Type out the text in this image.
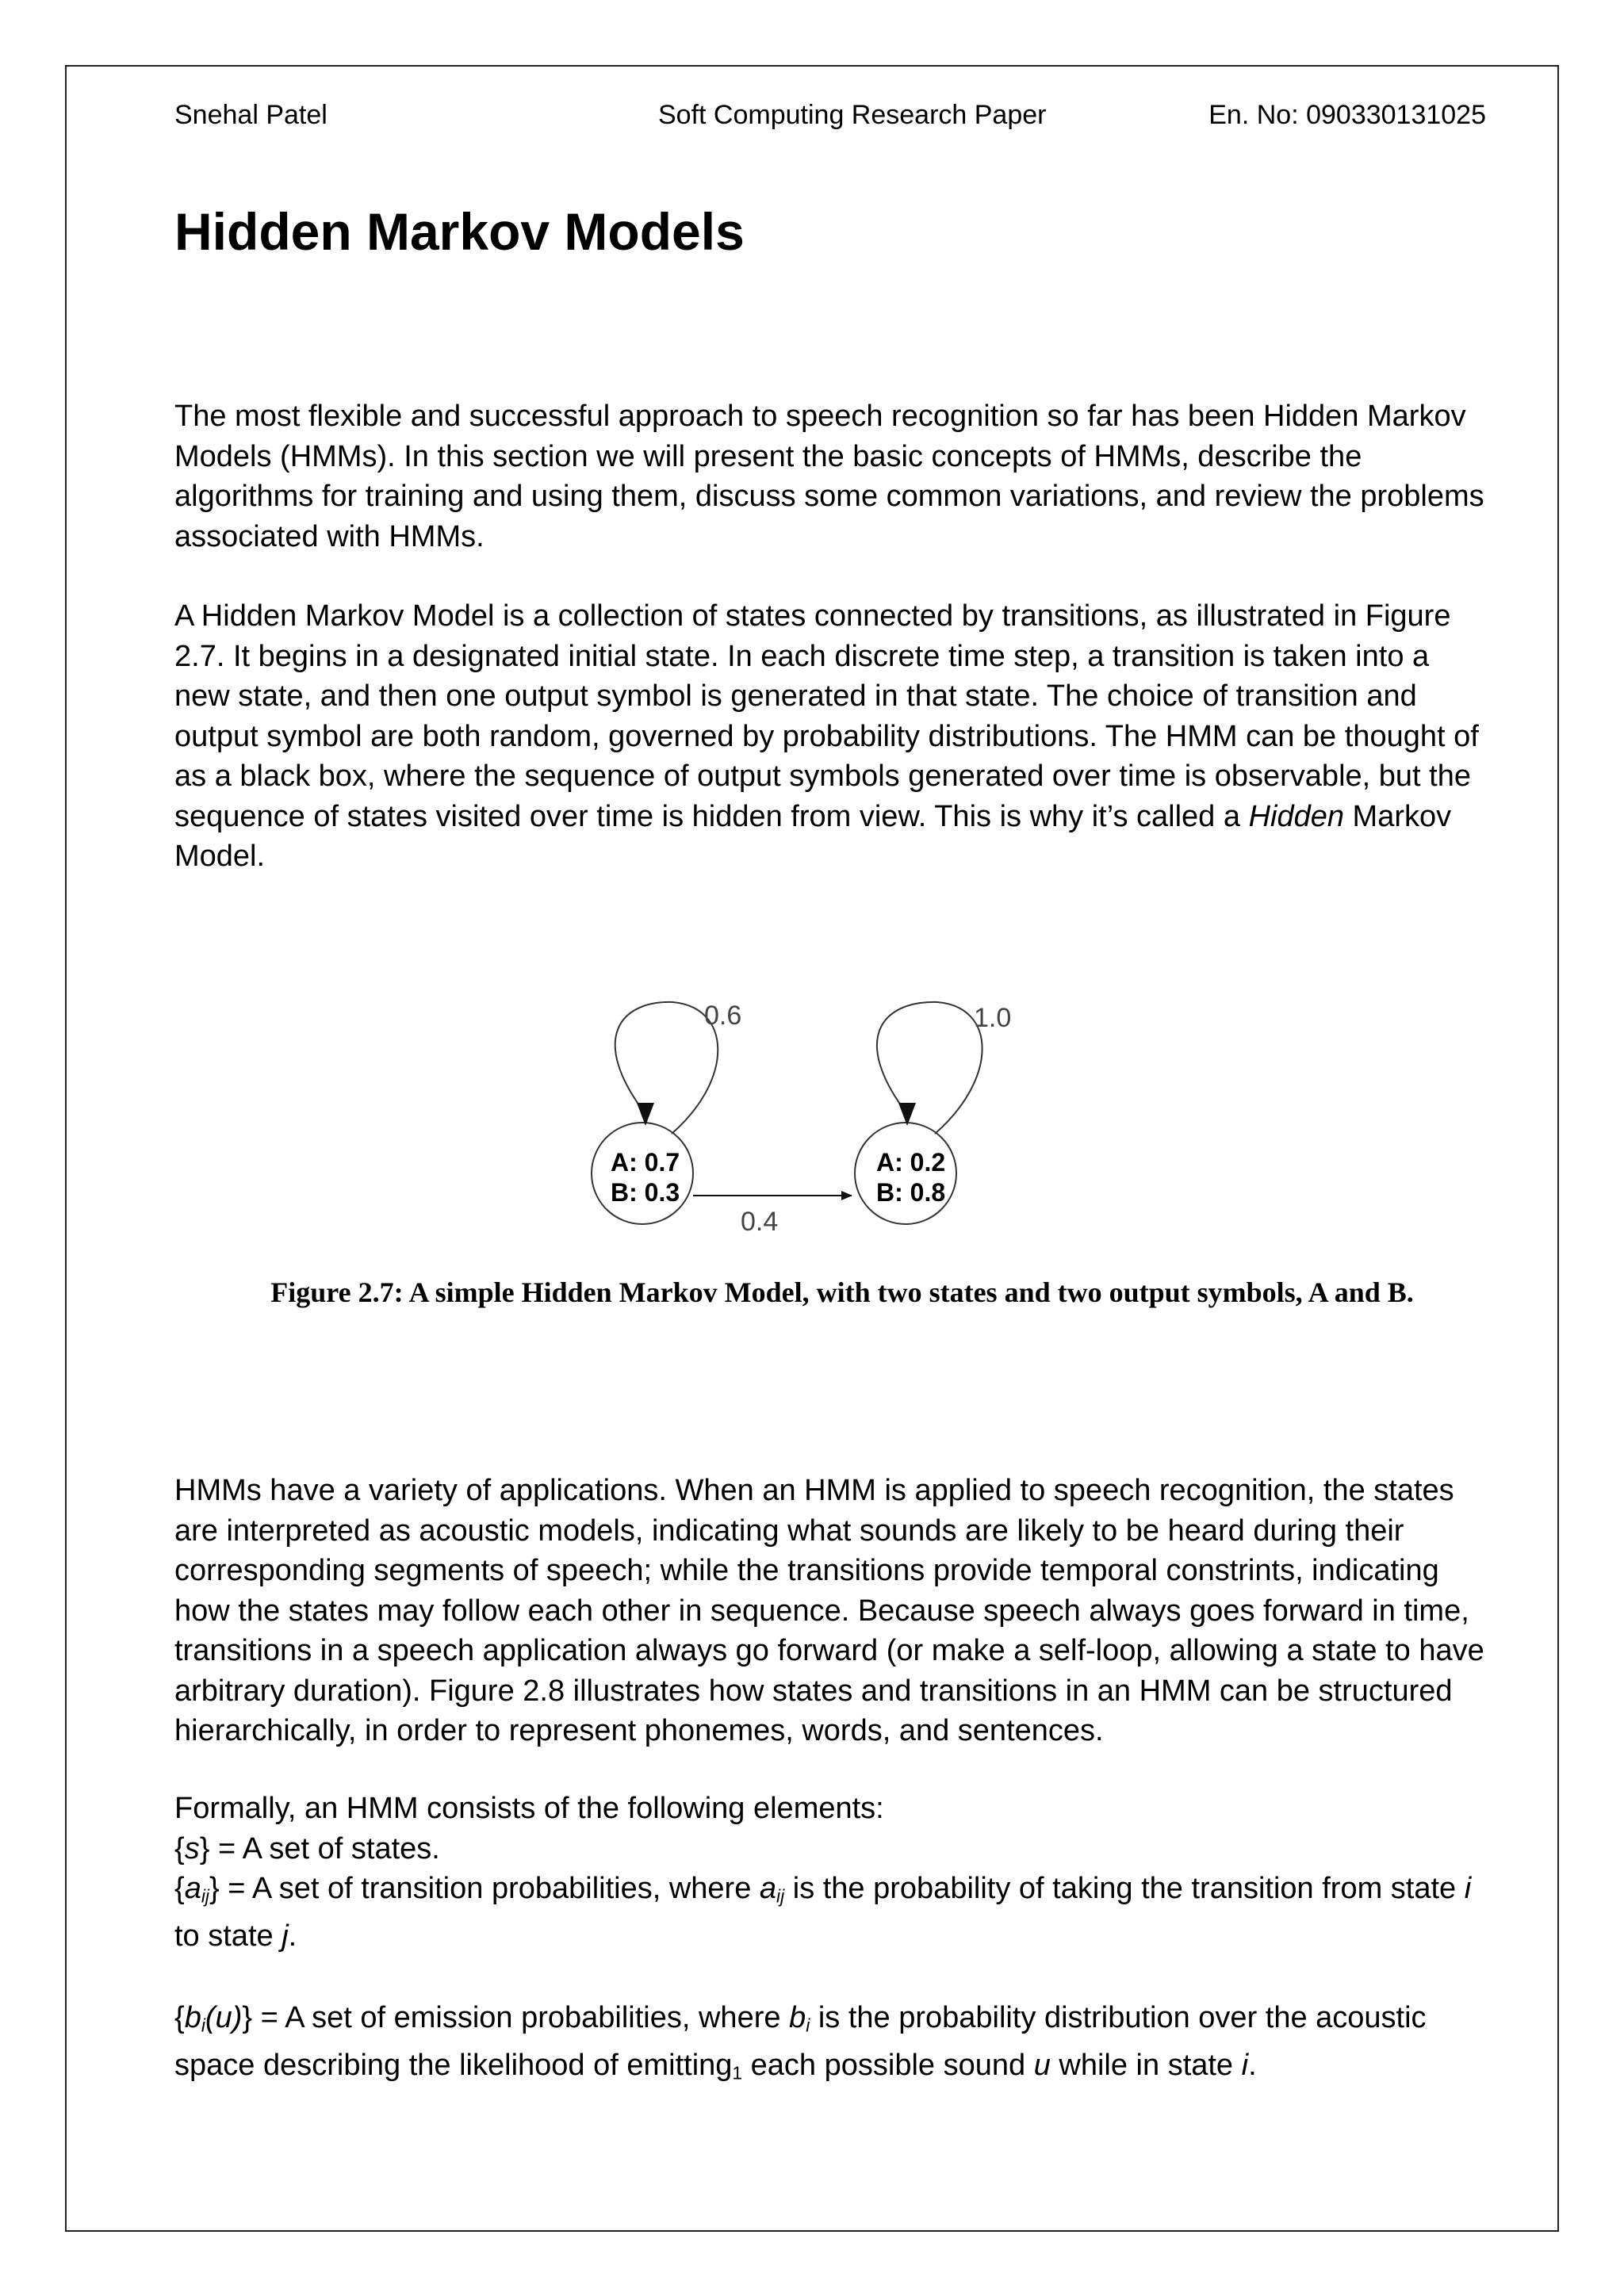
Snehal Patel	Soft Computing Research Paper	En. No: 090330131025
Hidden Markov Models

The most flexible and successful approach to speech recognition so far has been Hidden Markov Models (HMMs). In this section we will present the basic concepts of HMMs, describe the algorithms for training and using them, discuss some common variations, and review the problems associated with HMMs.

A Hidden Markov Model is a collection of states connected by transitions, as illustrated in Figure 2.7. It begins in a designated initial state. In each discrete time step, a transition is taken into a new state, and then one output symbol is generated in that state. The choice of transition and output symbol are both random, governed by probability distributions. The HMM can be thought of as a black box, where the sequence of output symbols generated over time is observable, but the sequence of states visited over time is hidden from view. This is why it’s called a Hidden Markov Model.

A: 0.7
B: 0.3
A: 0.2
B: 0.8
0.6	1.0
0.4
Figure 2.7: A simple Hidden Markov Model, with two states and two output symbols, A and B.

HMMs have a variety of applications. When an HMM is applied to speech recognition, the states are interpreted as acoustic models, indicating what sounds are likely to be heard during their corresponding segments of speech; while the transitions provide temporal constrints, indicating how the states may follow each other in sequence. Because speech always goes forward in time, transitions in a speech application always go forward (or make a self-loop, allowing a state to have arbitrary duration). Figure 2.8 illustrates how states and transitions in an HMM can be structured hierarchically, in order to represent phonemes, words, and sentences.

Formally, an HMM consists of the following elements:

{s} = A set of states.

$\{a_{ij}\} = A$ set of transition probabilities, where $a_{ij}$ is the probability of taking the transition from state i to state j.

$\{b_i(u)\} = A$ set of emission probabilities, where $b_i$ is the probability distribution over the acoustic space describing the likelihood of emitting$_1$ each possible sound u while in state i.
